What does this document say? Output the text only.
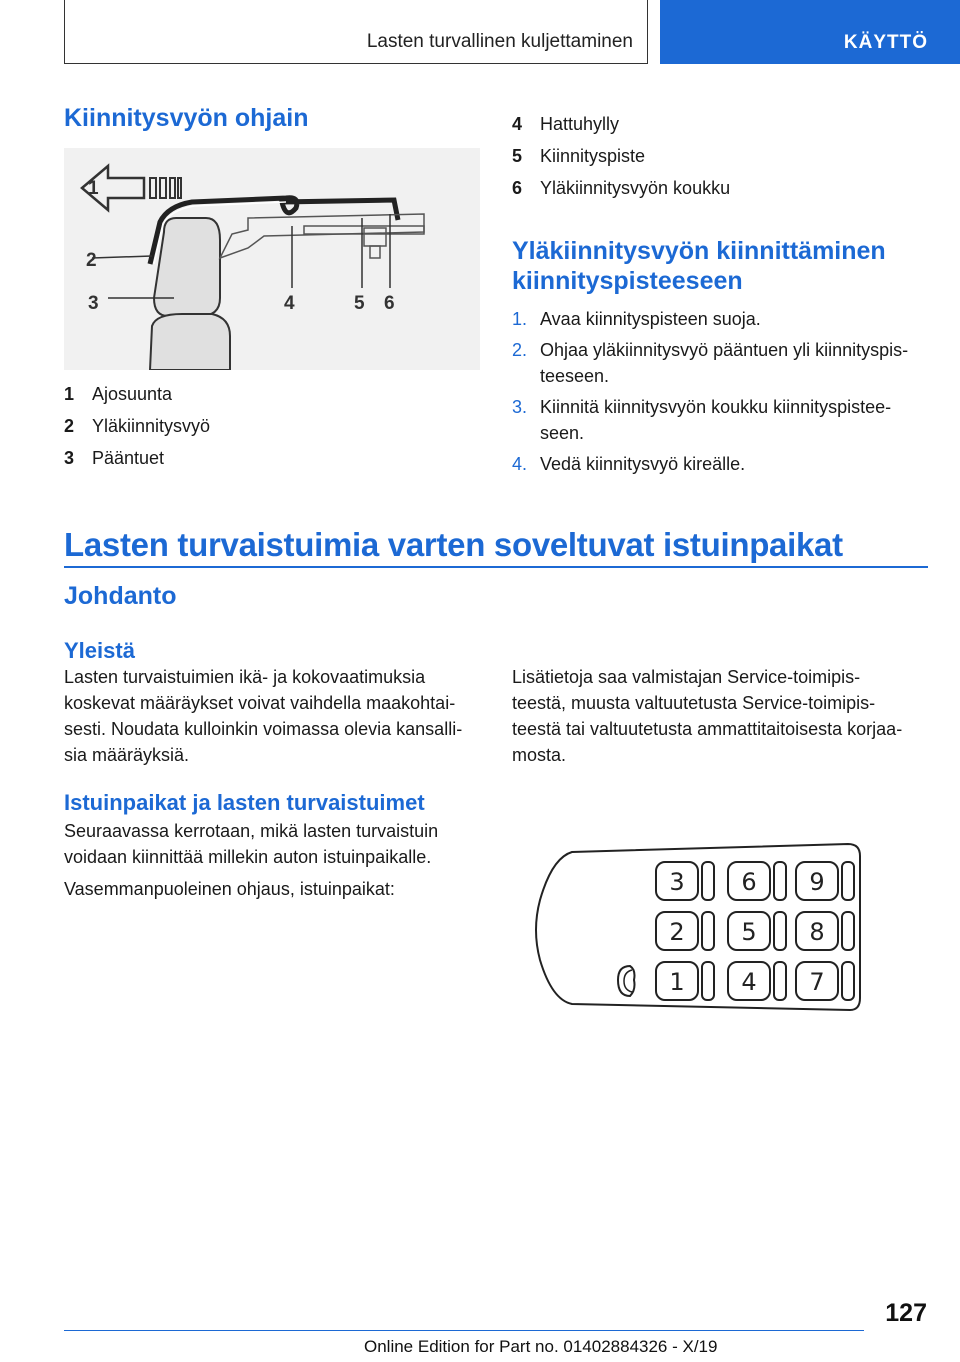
Lasten turvallinen kuljettaminen	KÄYTTÖ
Kiinnitysvyön ohjain
1
2
3	4	5 6
1 Ajosuunta
2 Yläkiinnitysvyö
3 Pääntuet
4 Hattuhylly
5 Kiinnityspiste
6 Yläkiinnitysvyön koukku
Yläkiinnitysvyön kiinnittäminen
kiinnityspisteeseen
1. Avaa kiinnityspisteen suoja.
2. Ohjaa yläkiinnitysvyö pääntuen yli kiinnityspis-
teeseen.
3. Kiinnitä kiinnitysvyön koukku kiinnityspistee-
seen.
4. Vedä kiinnitysvyö kireälle.
Lasten turvaistuimia varten soveltuvat istuinpaikat
Johdanto
Yleistä
Lasten turvaistuimien ikä- ja kokovaatimuksia
koskevat määräykset voivat vaihdella maakohtai-
sesti. Noudata kulloinkin voimassa olevia kansalli-
sia määräyksiä.
Lisätietoja saa valmistajan Service-toimipis-
teestä, muusta valtuutetusta Service-toimipis-
teestä tai valtuutetusta ammattitaitoisesta korjaa-
mosta.
Istuinpaikat ja lasten turvaistuimet
Seuraavassa kerrotaan, mikä lasten turvaistuin
voidaan kiinnittää millekin auton istuinpaikalle.
Vasemmanpuoleinen ohjaus, istuinpaikat:	3 6 9
2 5 8
1 4 7
127
Online Edition for Part no. 01402884326 - X/19
